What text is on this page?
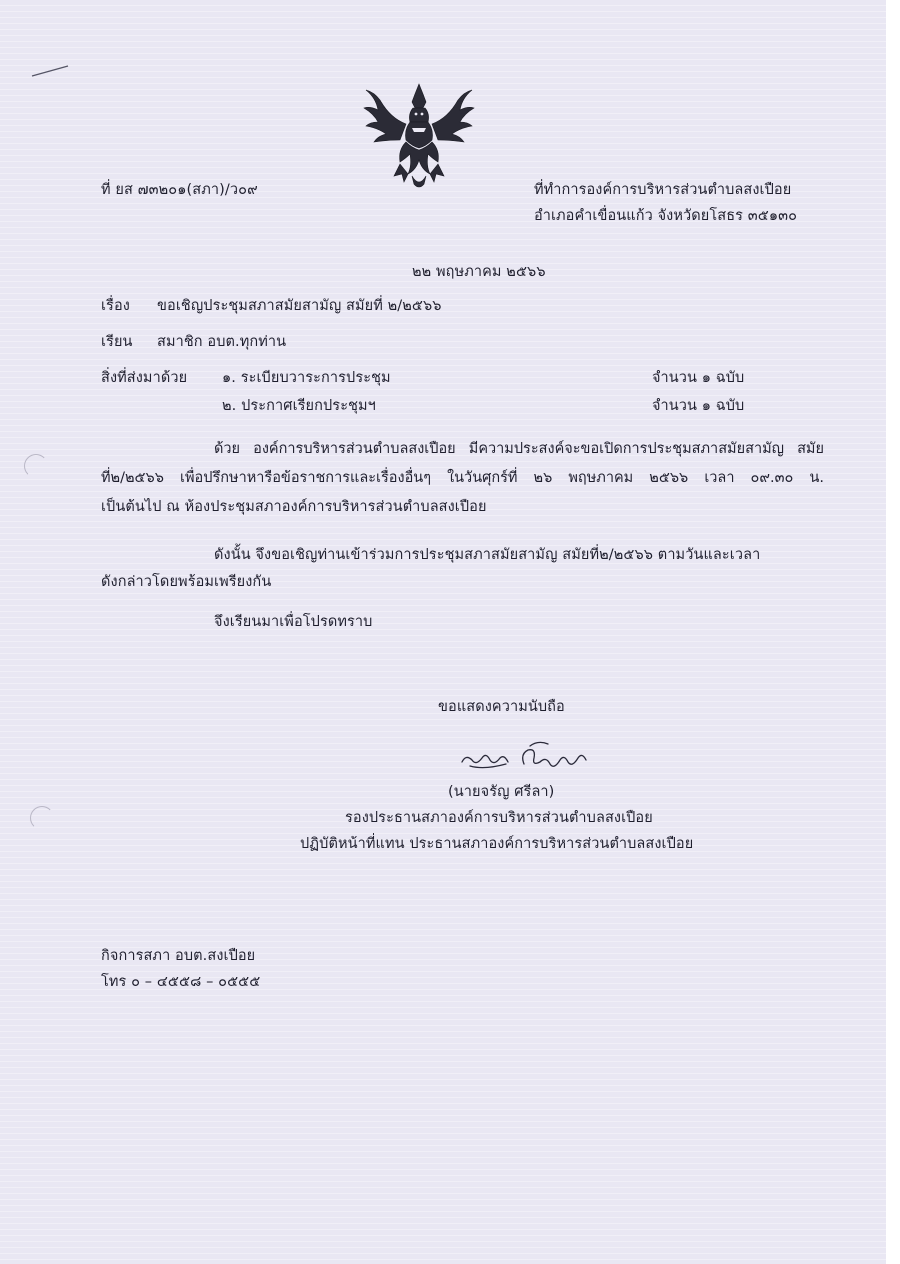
ที่ ยส ๗๓๒๐๑(สภา)/ว๐๙	ที่ทำการองค์การบริหารส่วนตำบลสงเปือย
อำเภอคำเขื่อนแก้ว จังหวัดยโสธร ๓๕๑๓๐
๒๒ พฤษภาคม ๒๕๖๖
เรื่อง ขอเชิญประชุมสภาสมัยสามัญ สมัยที่ ๒/๒๕๖๖
เรียน สมาชิก อบต.ทุกท่าน
สิ่งที่ส่งมาด้วย ๑. ระเบียบวาระการประชุม	จำนวน ๑ ฉบับ
๒. ประกาศเรียกประชุมฯ	จำนวน ๑ ฉบับ
ด้วย องค์การบริหารส่วนตำบลสงเปือย มีความประสงค์จะขอเปิดการประชุมสภาสมัยสามัญ สมัย
ที่๒/๒๕๖๖ เพื่อปรึกษาหารือข้อราชการและเรื่องอื่นๆ ในวันศุกร์ที่ ๒๖ พฤษภาคม ๒๕๖๖ เวลา ๐๙.๓๐ น.
เป็นต้นไป ณ ห้องประชุมสภาองค์การบริหารส่วนตำบลสงเปือย
ดังนั้น จึงขอเชิญท่านเข้าร่วมการประชุมสภาสมัยสามัญ สมัยที่๒/๒๕๖๖ ตามวันและเวลา
ดังกล่าวโดยพร้อมเพรียงกัน
จึงเรียนมาเพื่อโปรดทราบ
ขอแสดงความนับถือ
(นายจรัญ ศรีลา)
รองประธานสภาองค์การบริหารส่วนตำบลสงเปือย
ปฏิบัติหน้าที่แทน ประธานสภาองค์การบริหารส่วนตำบลสงเปือย
กิจการสภา อบต.สงเปือย
โทร ๐ – ๔๕๕๘ – ๐๕๕๕
